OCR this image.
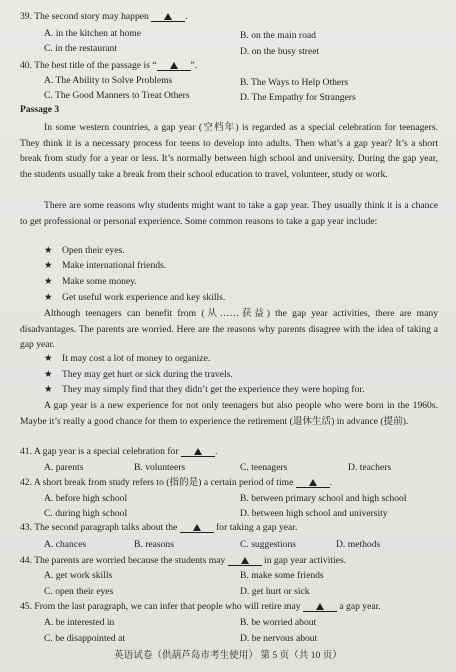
39. The second story may happen	.
A. in the kitchen at home	B. on the main road
C. in the restaurant	D. on the busy street
40. The best title of the passage is “	”.
A. The Ability to Solve Problems	B. The Ways to Help Others
C. The Good Manners to Treat Others	D. The Empathy for Strangers
Passage 3
In some western countries, a gap year (空档年) is regarded as a special celebration for teenagers. They think it is a necessary process for teens to develop into adults. Then what’s a gap year? It’s a short break from study for a year or less. It’s normally between high school and university. During the gap year, the students usually take a break from their school education to travel, volunteer, study or work.
There are some reasons why students might want to take a gap year. They usually think it is a chance to get professional or personal experience. Some common reasons to take a gap year include:
★ Open their eyes.
★ Make international friends.
★ Make some money.
★ Get useful work experience and key skills.
Although teenagers can benefit from (从……获益) the gap year activities, there are many disadvantages. The parents are worried. Here are the reasons why parents disagree with the idea of taking a gap year.
★ It may cost a lot of money to organize.
★ They may get hurt or sick during the travels.
★ They may simply find that they didn’t get the experience they were hoping for.
A gap year is a new experience for not only teenagers but also people who were born in the 1960s. Maybe it’s really a good chance for them to experience the retirement (退休生活) in advance (提前).
41. A gap year is a special celebration for	.
A. parents	B. volunteers	C. teenagers	D. teachers
42. A short break from study refers to (指的是) a certain period of time	.
A. before high school	B. between primary school and high school
C. during high school	D. between high school and university
43. The second paragraph talks about the	for taking a gap year.
A. chances	B. reasons	C. suggestions	D. methods
44. The parents are worried because the students may	in gap year activities.
A. get work skills	B. make some friends
C. open their eyes	D. get hurt or sick
45. From the last paragraph, we can infer that people who will retire may	a gap year.
A. be interested in	B. be worried about
C. be disappointed at	D. be nervous about
英语试卷（供葫芦岛市考生使用） 第 5 页（共 10 页）
